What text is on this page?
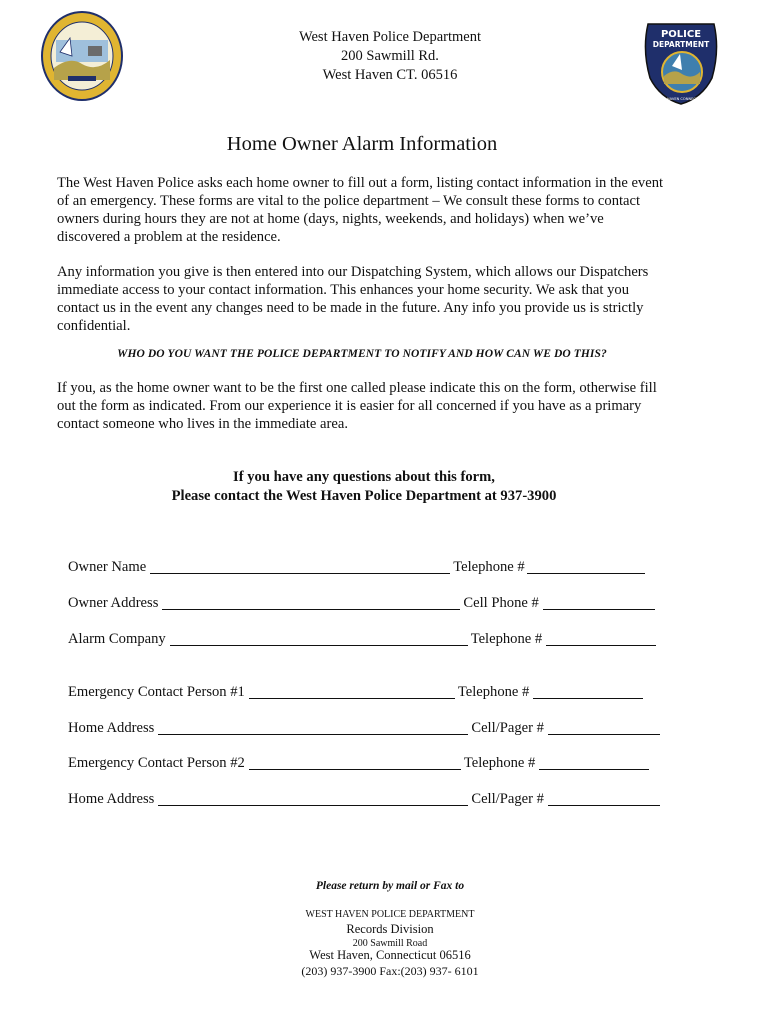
West Haven Police Department
200 Sawmill Rd.
West Haven CT. 06516
POLICE
DEPARTMENT
WEST HAVEN CONNECTICUT
Home Owner Alarm Information

The West Haven Police asks each home owner to fill out a form, listing contact information in the event of an emergency. These forms are vital to the police department – We consult these forms to contact owners during hours they are not at home (days, nights, weekends, and holidays) when we’ve discovered a problem at the residence.

Any information you give is then entered into our Dispatching System, which allows our Dispatchers immediate access to your contact information. This enhances your home security. We ask that you contact us in the event any changes need to be made in the future. Any info you provide us is strictly confidential.

WHO DO YOU WANT THE POLICE DEPARTMENT TO NOTIFY AND HOW CAN WE DO THIS?

If you, as the home owner want to be the first one called please indicate this on the form, otherwise fill out the form as indicated. From our experience it is easier for all concerned if you have as a primary contact someone who lives in the immediate area.

If you have any questions about this form,
Please contact the West Haven Police Department at 937-3900
Owner Name	Telephone #
Owner Address	Cell Phone #
Alarm Company	Telephone #
Emergency Contact Person #1	Telephone #
Home Address	Cell/Pager #
Emergency Contact Person #2	Telephone #
Home Address	Cell/Pager #
Please return by mail or Fax to
WEST HAVEN POLICE DEPARTMENT
Records Division
200 Sawmill Road
West Haven, Connecticut 06516
(203) 937-3900 Fax:(203) 937- 6101
